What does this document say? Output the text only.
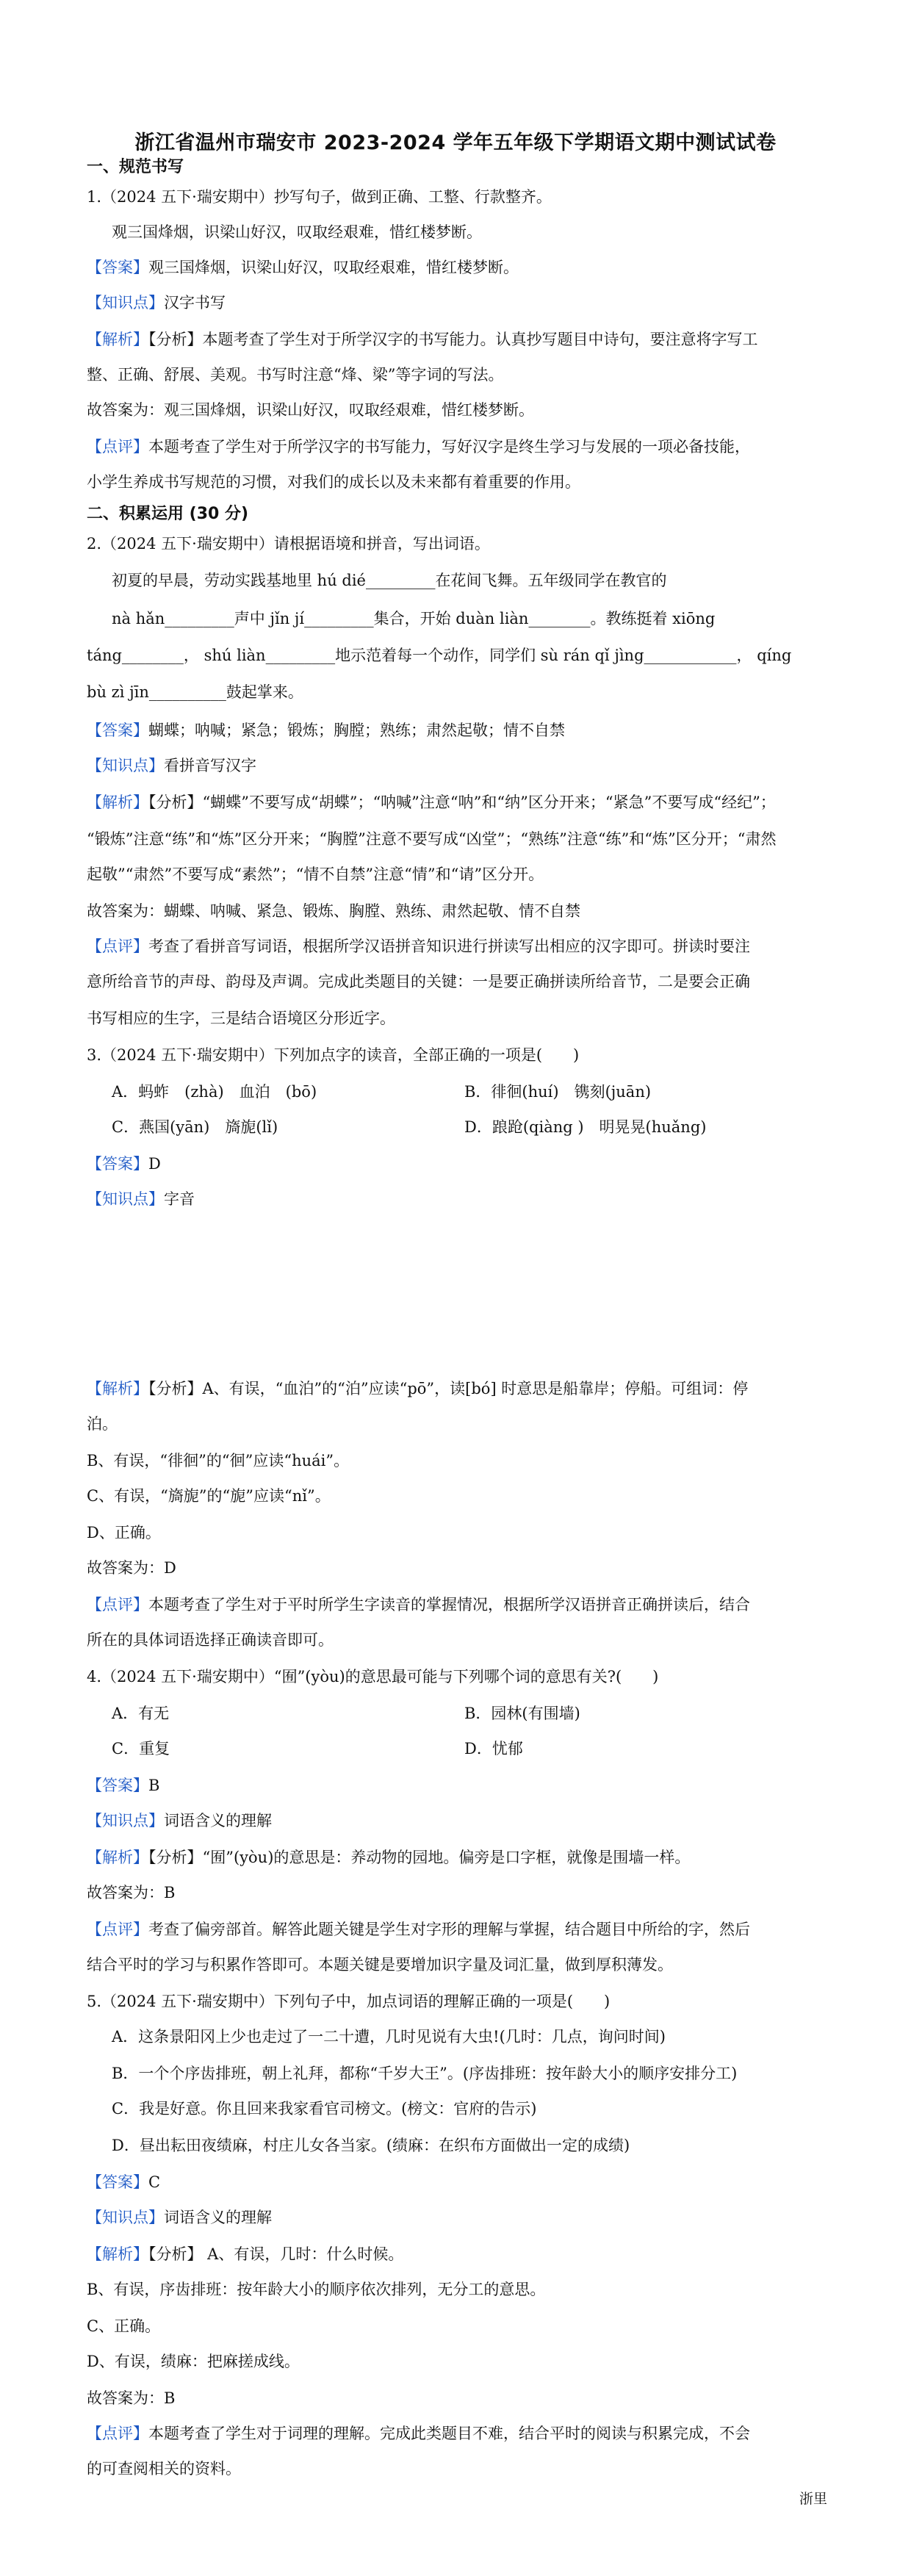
浙江省温州市瑞安市 2023-2024 学年五年级下学期语文期中测试试卷
一、规范书写
1.（2024 五下·瑞安期中）抄写句子，做到正确、工整、行款整齐。
观三国烽烟，识梁山好汉，叹取经艰难，惜红楼梦断。
【答案】观三国烽烟，识梁山好汉，叹取经艰难，惜红楼梦断。
【知识点】汉字书写
【解析】【分析】本题考查了学生对于所学汉字的书写能力。认真抄写题目中诗句，要注意将字写工
整、正确、舒展、美观。书写时注意“烽、梁”等字词的写法。
故答案为：观三国烽烟，识梁山好汉，叹取经艰难，惜红楼梦断。
【点评】本题考查了学生对于所学汉字的书写能力，写好汉字是终生学习与发展的一项必备技能，
小学生养成书写规范的习惯，对我们的成长以及未来都有着重要的作用。
二、积累运用 (30 分)
2.（2024 五下·瑞安期中）请根据语境和拼音，写出词语。
初夏的早晨，劳动实践基地里 hú dié_________在花间飞舞。五年级同学在教官的
nà hǎn_________声中 jǐn jí_________集合，开始 duàn liàn________。教练挺着 xiōng
táng________， shú liàn_________地示范着每一个动作，同学们 sù rán qǐ jìng____________， qíng
bù zì jīn__________鼓起掌来。
【答案】蝴蝶；呐喊；紧急；锻炼；胸膛；熟练；肃然起敬；情不自禁
【知识点】看拼音写汉字
【解析】【分析】“蝴蝶”不要写成“胡蝶”；“呐喊”注意“呐”和“纳”区分开来；“紧急”不要写成“经纪”；
“锻炼”注意“练”和“炼”区分开来；“胸膛”注意不要写成“凶堂”；“熟练”注意“练”和“炼”区分开；“肃然
起敬”“肃然”不要写成“素然”；“情不自禁”注意“情”和“请”区分开。
故答案为：蝴蝶、呐喊、紧急、锻炼、胸膛、熟练、肃然起敬、情不自禁
【点评】考查了看拼音写词语，根据所学汉语拼音知识进行拼读写出相应的汉字即可。拼读时要注
意所给音节的声母、韵母及声调。完成此类题目的关键：一是要正确拼读所给音节，二是要会正确
书写相应的生字，三是结合语境区分形近字。
3.（2024 五下·瑞安期中）下列加点字的读音，全部正确的一项是(　　)
A．蚂蚱　(zhà)　血泊　(bō)	B．徘徊(huí)　镌刻(juān)
C．燕国(yān)　旖旎(lǐ)	D．踉跄(qiàng )　明晃晃(huǎng)
【答案】D
【知识点】字音
【解析】【分析】A、有误，“血泊”的“泊”应读“pō”，读[bó] 时意思是船靠岸；停船。可组词：停
泊。
B、有误，“徘徊”的“徊”应读“huái”。
C、有误，“旖旎”的“旎”应读“nǐ”。
D、正确。
故答案为：D
【点评】本题考查了学生对于平时所学生字读音的掌握情况，根据所学汉语拼音正确拼读后，结合
所在的具体词语选择正确读音即可。
4.（2024 五下·瑞安期中）“囿”(yòu)的意思最可能与下列哪个词的意思有关?(　　)
A．有无	B．园林(有围墙)
C．重复	D．忧郁
【答案】B
【知识点】词语含义的理解
【解析】【分析】“囿”(yòu)的意思是：养动物的园地。偏旁是口字框，就像是围墙一样。
故答案为：B
【点评】考查了偏旁部首。解答此题关键是学生对字形的理解与掌握，结合题目中所给的字，然后
结合平时的学习与积累作答即可。本题关键是要增加识字量及词汇量，做到厚积薄发。
5.（2024 五下·瑞安期中）下列句子中，加点词语的理解正确的一项是(　　)
A．这条景阳冈上少也走过了一二十遭，几时见说有大虫!(几时：几点，询问时间)
B．一个个序齿排班，朝上礼拜，都称“千岁大王”。(序齿排班：按年龄大小的顺序安排分工)
C．我是好意。你且回来我家看官司榜文。(榜文：官府的告示)
D．昼出耘田夜绩麻，村庄儿女各当家。(绩麻：在织布方面做出一定的成绩)
【答案】C
【知识点】词语含义的理解
【解析】【分析】 A、有误，几时：什么时候。
B、有误，序齿排班：按年龄大小的顺序依次排列，无分工的意思。
C、正确。
D、有误，绩麻：把麻搓成线。
故答案为：B
【点评】本题考查了学生对于词理的理解。完成此类题目不难，结合平时的阅读与积累完成，不会
的可查阅相关的资料。
浙里
